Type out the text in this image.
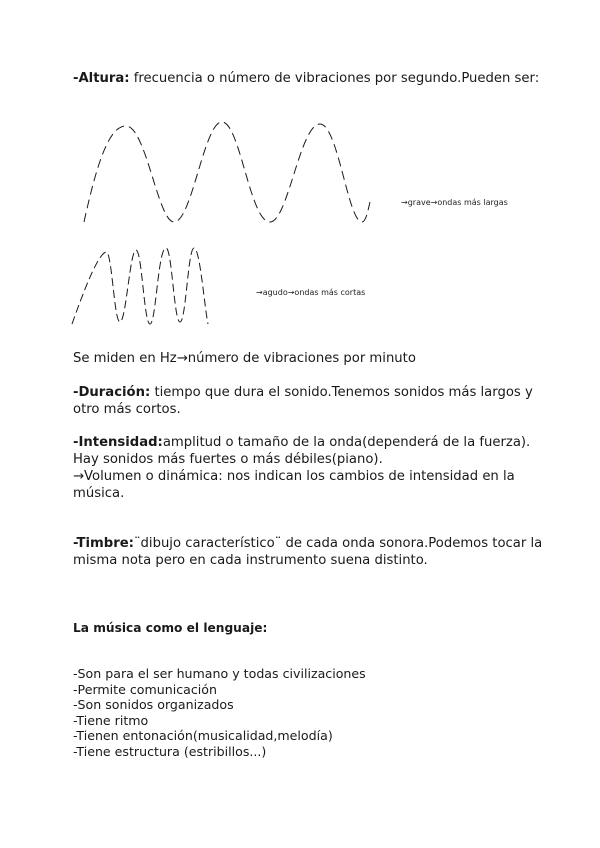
-Altura: frecuencia o número de vibraciones por segundo.Pueden ser:

→grave→ondas más largas
→agudo→ondas más cortas

Se miden en Hz→número de vibraciones por minuto

-Duración: tiempo que dura el sonido.Tenemos sonidos más largos y otro más cortos.

-Intensidad:amplitud o tamaño de la onda(dependerá de la fuerza).
Hay sonidos más fuertes o más débiles(piano).
→Volumen o dinámica: nos indican los cambios de intensidad en la música.

-Timbre:¨dibujo característico¨ de cada onda sonora.Podemos tocar la misma nota pero en cada instrumento suena distinto.

La música como el lenguaje:

-Son para el ser humano y todas civilizaciones
-Permite comunicación
-Son sonidos organizados
-Tiene ritmo
-Tienen entonación(musicalidad,melodía)
-Tiene estructura (estribillos...)
